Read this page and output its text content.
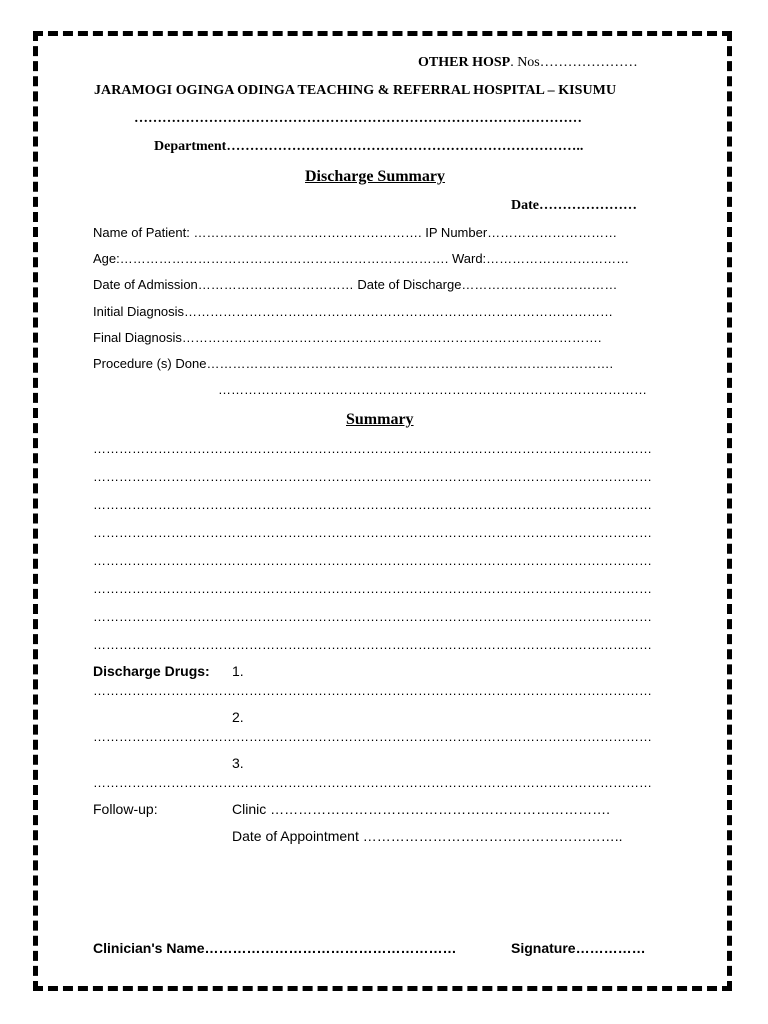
OTHER HOSP. Nos…………………
JARAMOGI OGINGA ODINGA TEACHING & REFERRAL HOSPITAL – KISUMU
……………………………………………………………………………………
Department…………………………………………………………………..
Discharge Summary
Date…………………
Name of Patient: ……………………….……………………. IP Number…………………………
Age:…………………………………………………………………. Ward:……………………………
Date of Admission……………………………… Date of Discharge………………………………
Initial Diagnosis………………………………………………………………………………………
Final Diagnosis…………………………………………………………………………………….
Procedure (s) Done………………………………………………………………………………….
………………………………………………………………………………………
Summary
…………………………………………………………………………………………………………………
…………………………………………………………………………………………………………………
…………………………………………………………………………………………………………………
…………………………………………………………………………………………………………………
…………………………………………………………………………………………………………………
…………………………………………………………………………………………………………………
…………………………………………………………………………………………………………………
…………………………………………………………………………………………………………………
Discharge Drugs: 1.
…………………………………………………………………………………………………………………
2.
…………………………………………………………………………………………………………………
3.
…………………………………………………………………………………………………………………
Follow-up:	Clinic ……………………………………………………………….
Date of Appointment ………………………………………………..
Clinician's Name………………………………………………	Signature……………
